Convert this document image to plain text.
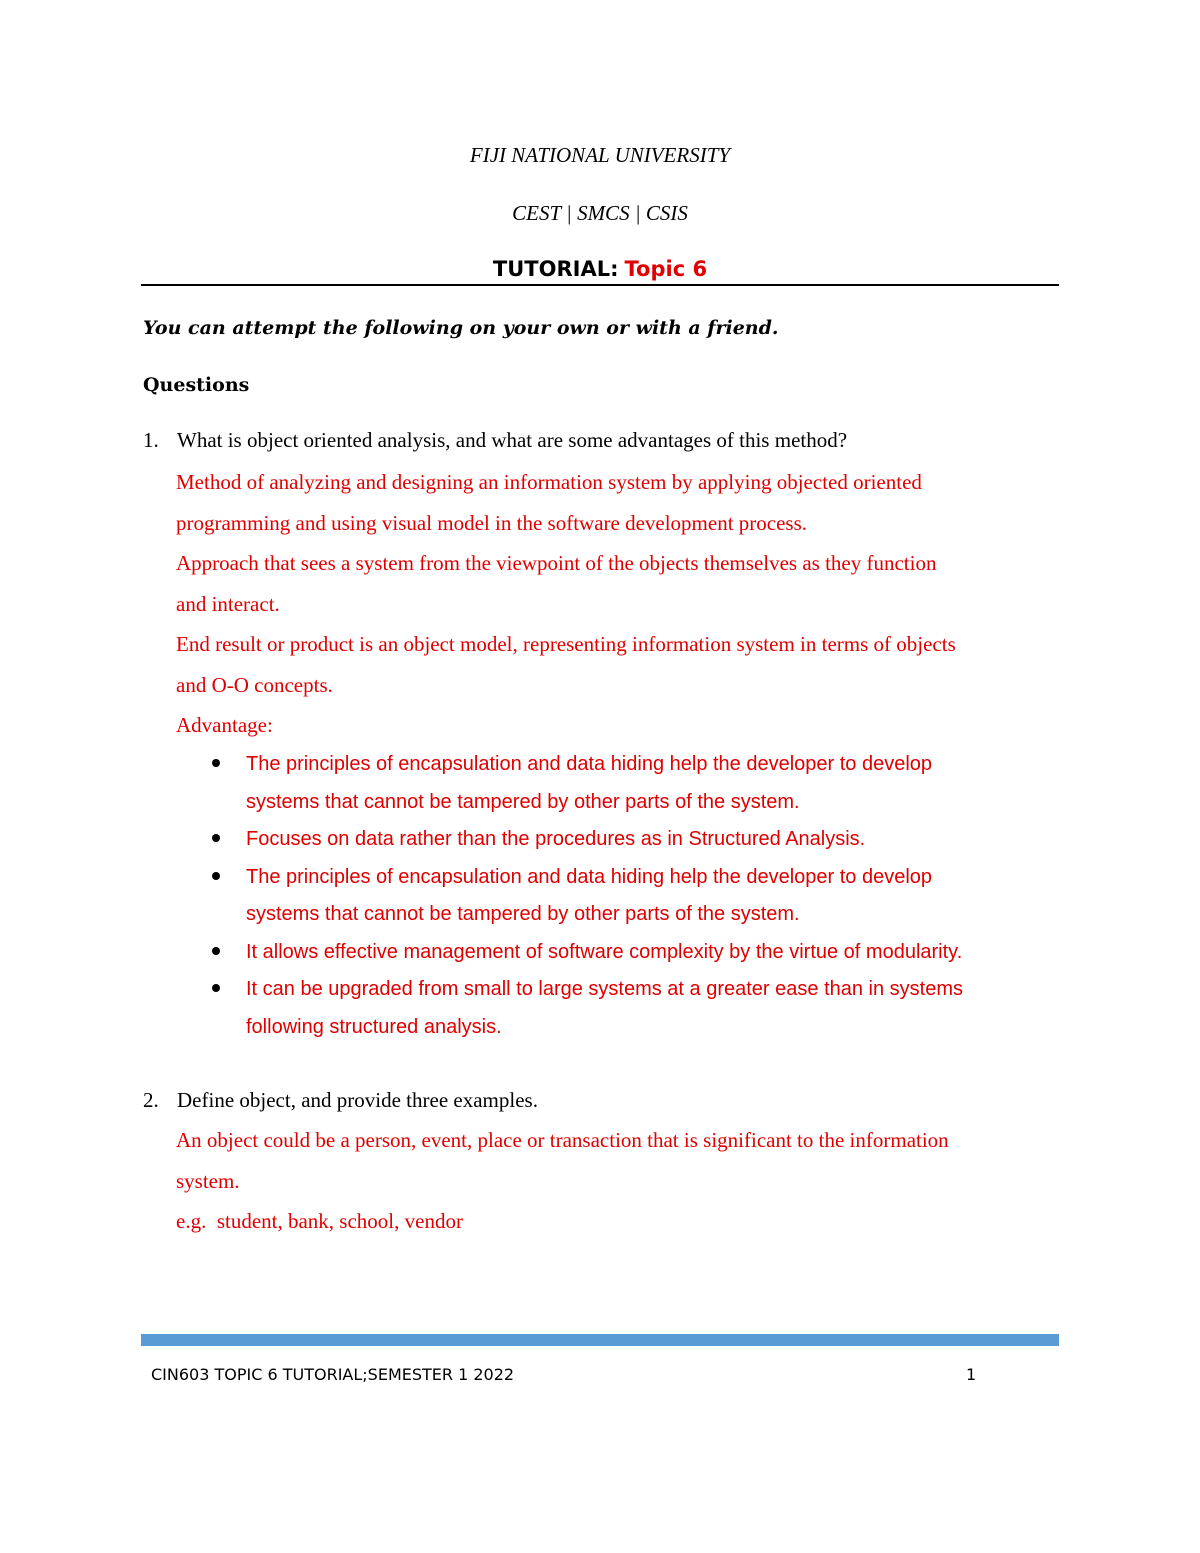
FIJI NATIONAL UNIVERSITY
CEST | SMCS | CSIS
TUTORIAL: Topic 6
You can attempt the following on your own or with a friend.
Questions
1. What is object oriented analysis, and what are some advantages of this method?

Method of analyzing and designing an information system by applying objected oriented

programming and using visual model in the software development process.

Approach that sees a system from the viewpoint of the objects themselves as they function

and interact.

End result or product is an object model, representing information system in terms of objects

and O-O concepts.

Advantage:

The principles of encapsulation and data hiding help the developer to develop
systems that cannot be tampered by other parts of the system.
Focuses on data rather than the procedures as in Structured Analysis.
The principles of encapsulation and data hiding help the developer to develop
systems that cannot be tampered by other parts of the system.
It allows effective management of software complexity by the virtue of modularity.
It can be upgraded from small to large systems at a greater ease than in systems
following structured analysis.
2. Define object, and provide three examples.

An object could be a person, event, place or transaction that is significant to the information

system.

e.g.  student, bank, school, vendor

CIN603 TOPIC 6 TUTORIAL;SEMESTER 1 2022	1
